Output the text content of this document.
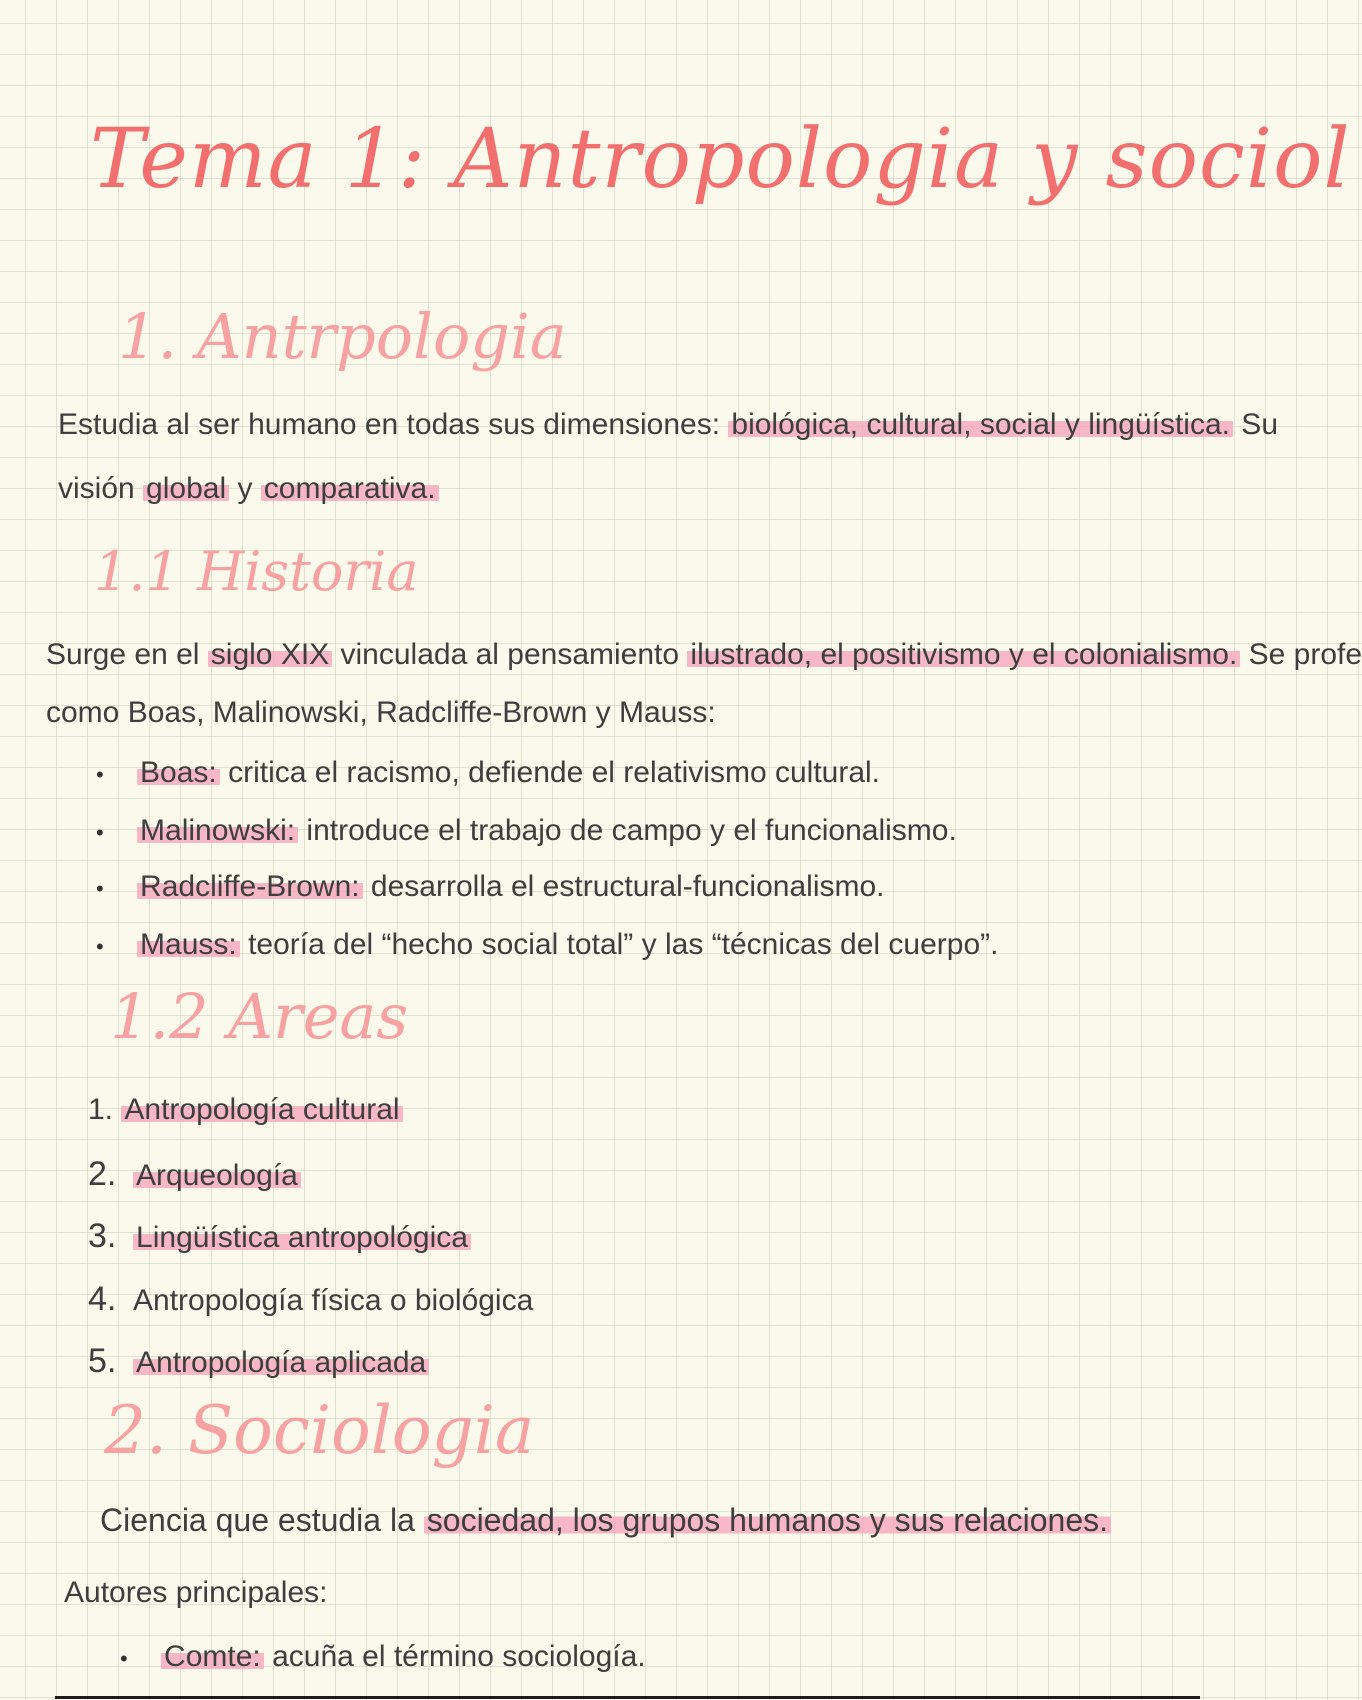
Tema 1: Antropologia y sociol
1. Antrpologia
Estudia al ser humano en todas sus dimensiones: biológica, cultural, social y lingüística. Su
visión global y comparativa.
1.1 Historia
Surge en el siglo XIX vinculada al pensamiento ilustrado, el positivismo y el colonialismo. Se profe
como Boas, Malinowski, Radcliffe-Brown y Mauss:
• Boas: critica el racismo, defiende el relativismo cultural.
• Malinowski: introduce el trabajo de campo y el funcionalismo.
• Radcliffe-Brown: desarrolla el estructural-funcionalismo.
• Mauss: teoría del “hecho social total” y las “técnicas del cuerpo”.
1.2 Areas
1. Antropología cultural
2. Arqueología
3. Lingüística antropológica
4. Antropología física o biológica
5. Antropología aplicada
2. Sociologia
Ciencia que estudia la sociedad, los grupos humanos y sus relaciones.
Autores principales:
• Comte: acuña el término sociología.
